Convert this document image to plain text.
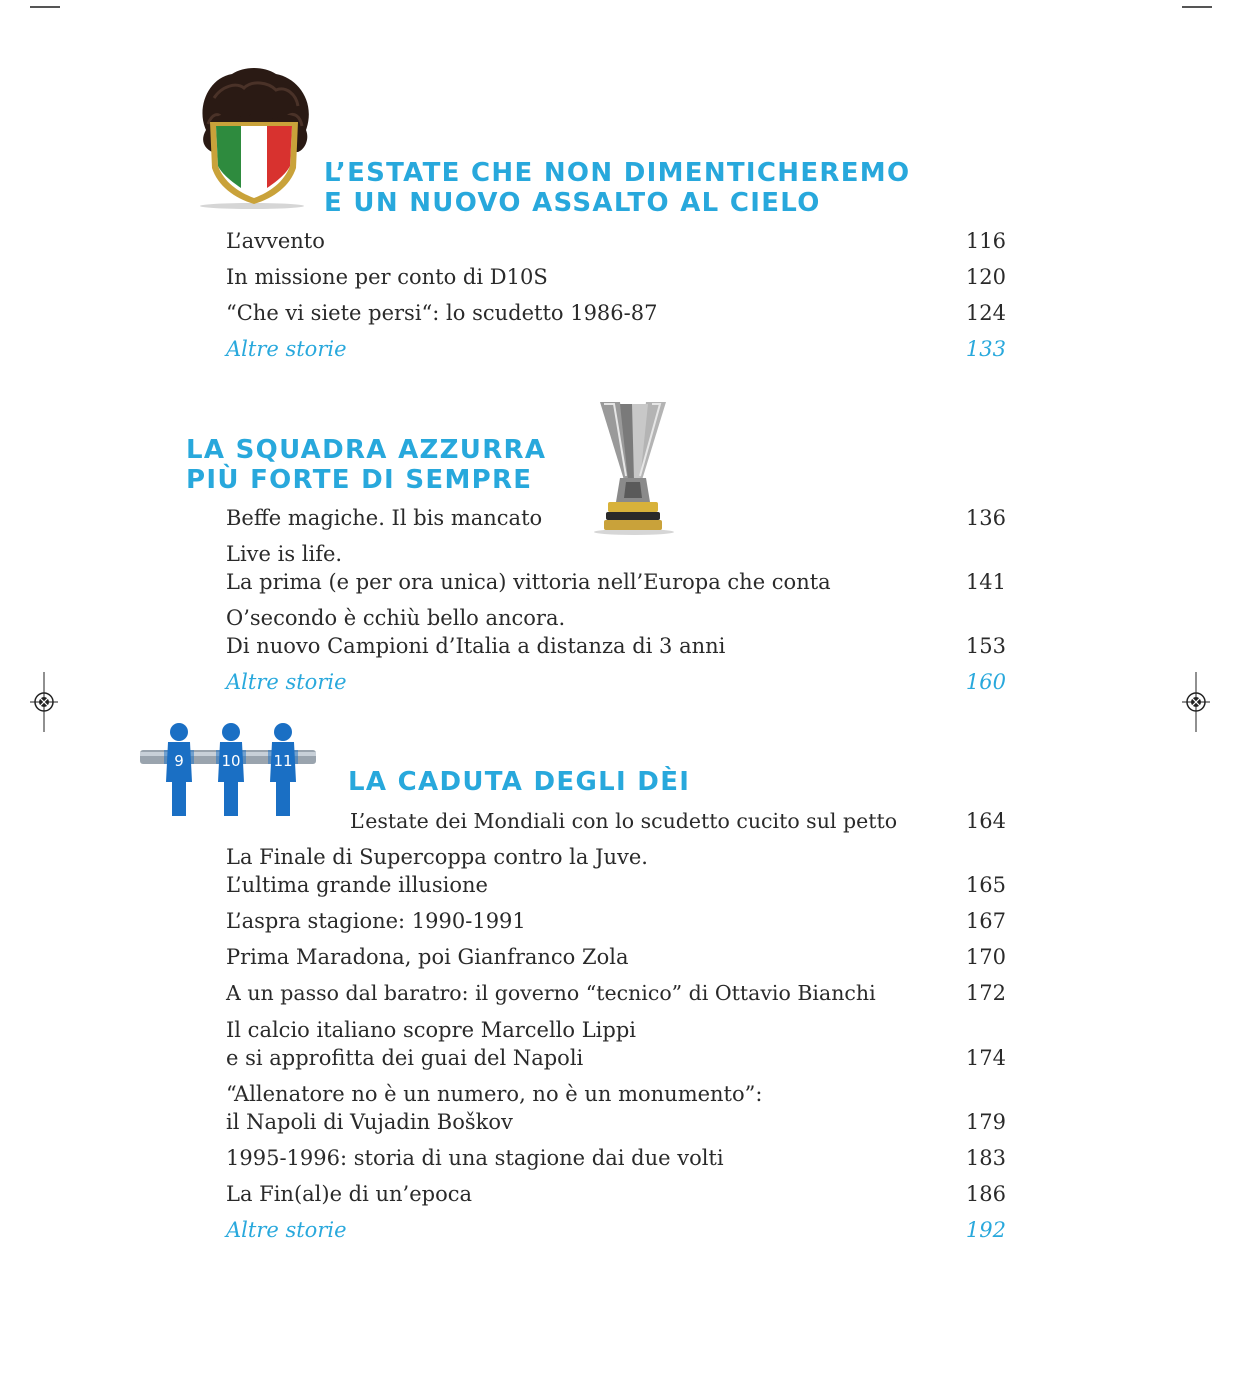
L’ESTATE CHE NON DIMENTICHEREMO
E UN NUOVO ASSALTO AL CIELO
L’avvento	116
In missione per conto di D10S	120
“Che vi siete persi“: lo scudetto 1986-87	124
Altre storie	133
LA SQUADRA AZZURRA
PIÙ FORTE DI SEMPRE
Beffe magiche. Il bis mancato	136
Live is life.
La prima (e per ora unica) vittoria nell’Europa che conta	141
O’secondo è cchiù bello ancora.
Di nuovo Campioni d’Italia a distanza di 3 anni	153
Altre storie	160
9	10 11
LA CADUTA DEGLI DÈI
L’estate dei Mondiali con lo scudetto cucito sul petto	164
La Finale di Supercoppa contro la Juve.
L’ultima grande illusione	165
L’aspra stagione: 1990-1991	167
Prima Maradona, poi Gianfranco Zola	170
A un passo dal baratro: il governo “tecnico” di Ottavio Bianchi	172
Il calcio italiano scopre Marcello Lippi
e si approfitta dei guai del Napoli	174
“Allenatore no è un numero, no è un monumento”:
il Napoli di Vujadin Boškov	179
1995-1996: storia di una stagione dai due volti	183
La Fin(al)e di un’epoca	186
Altre storie	192
